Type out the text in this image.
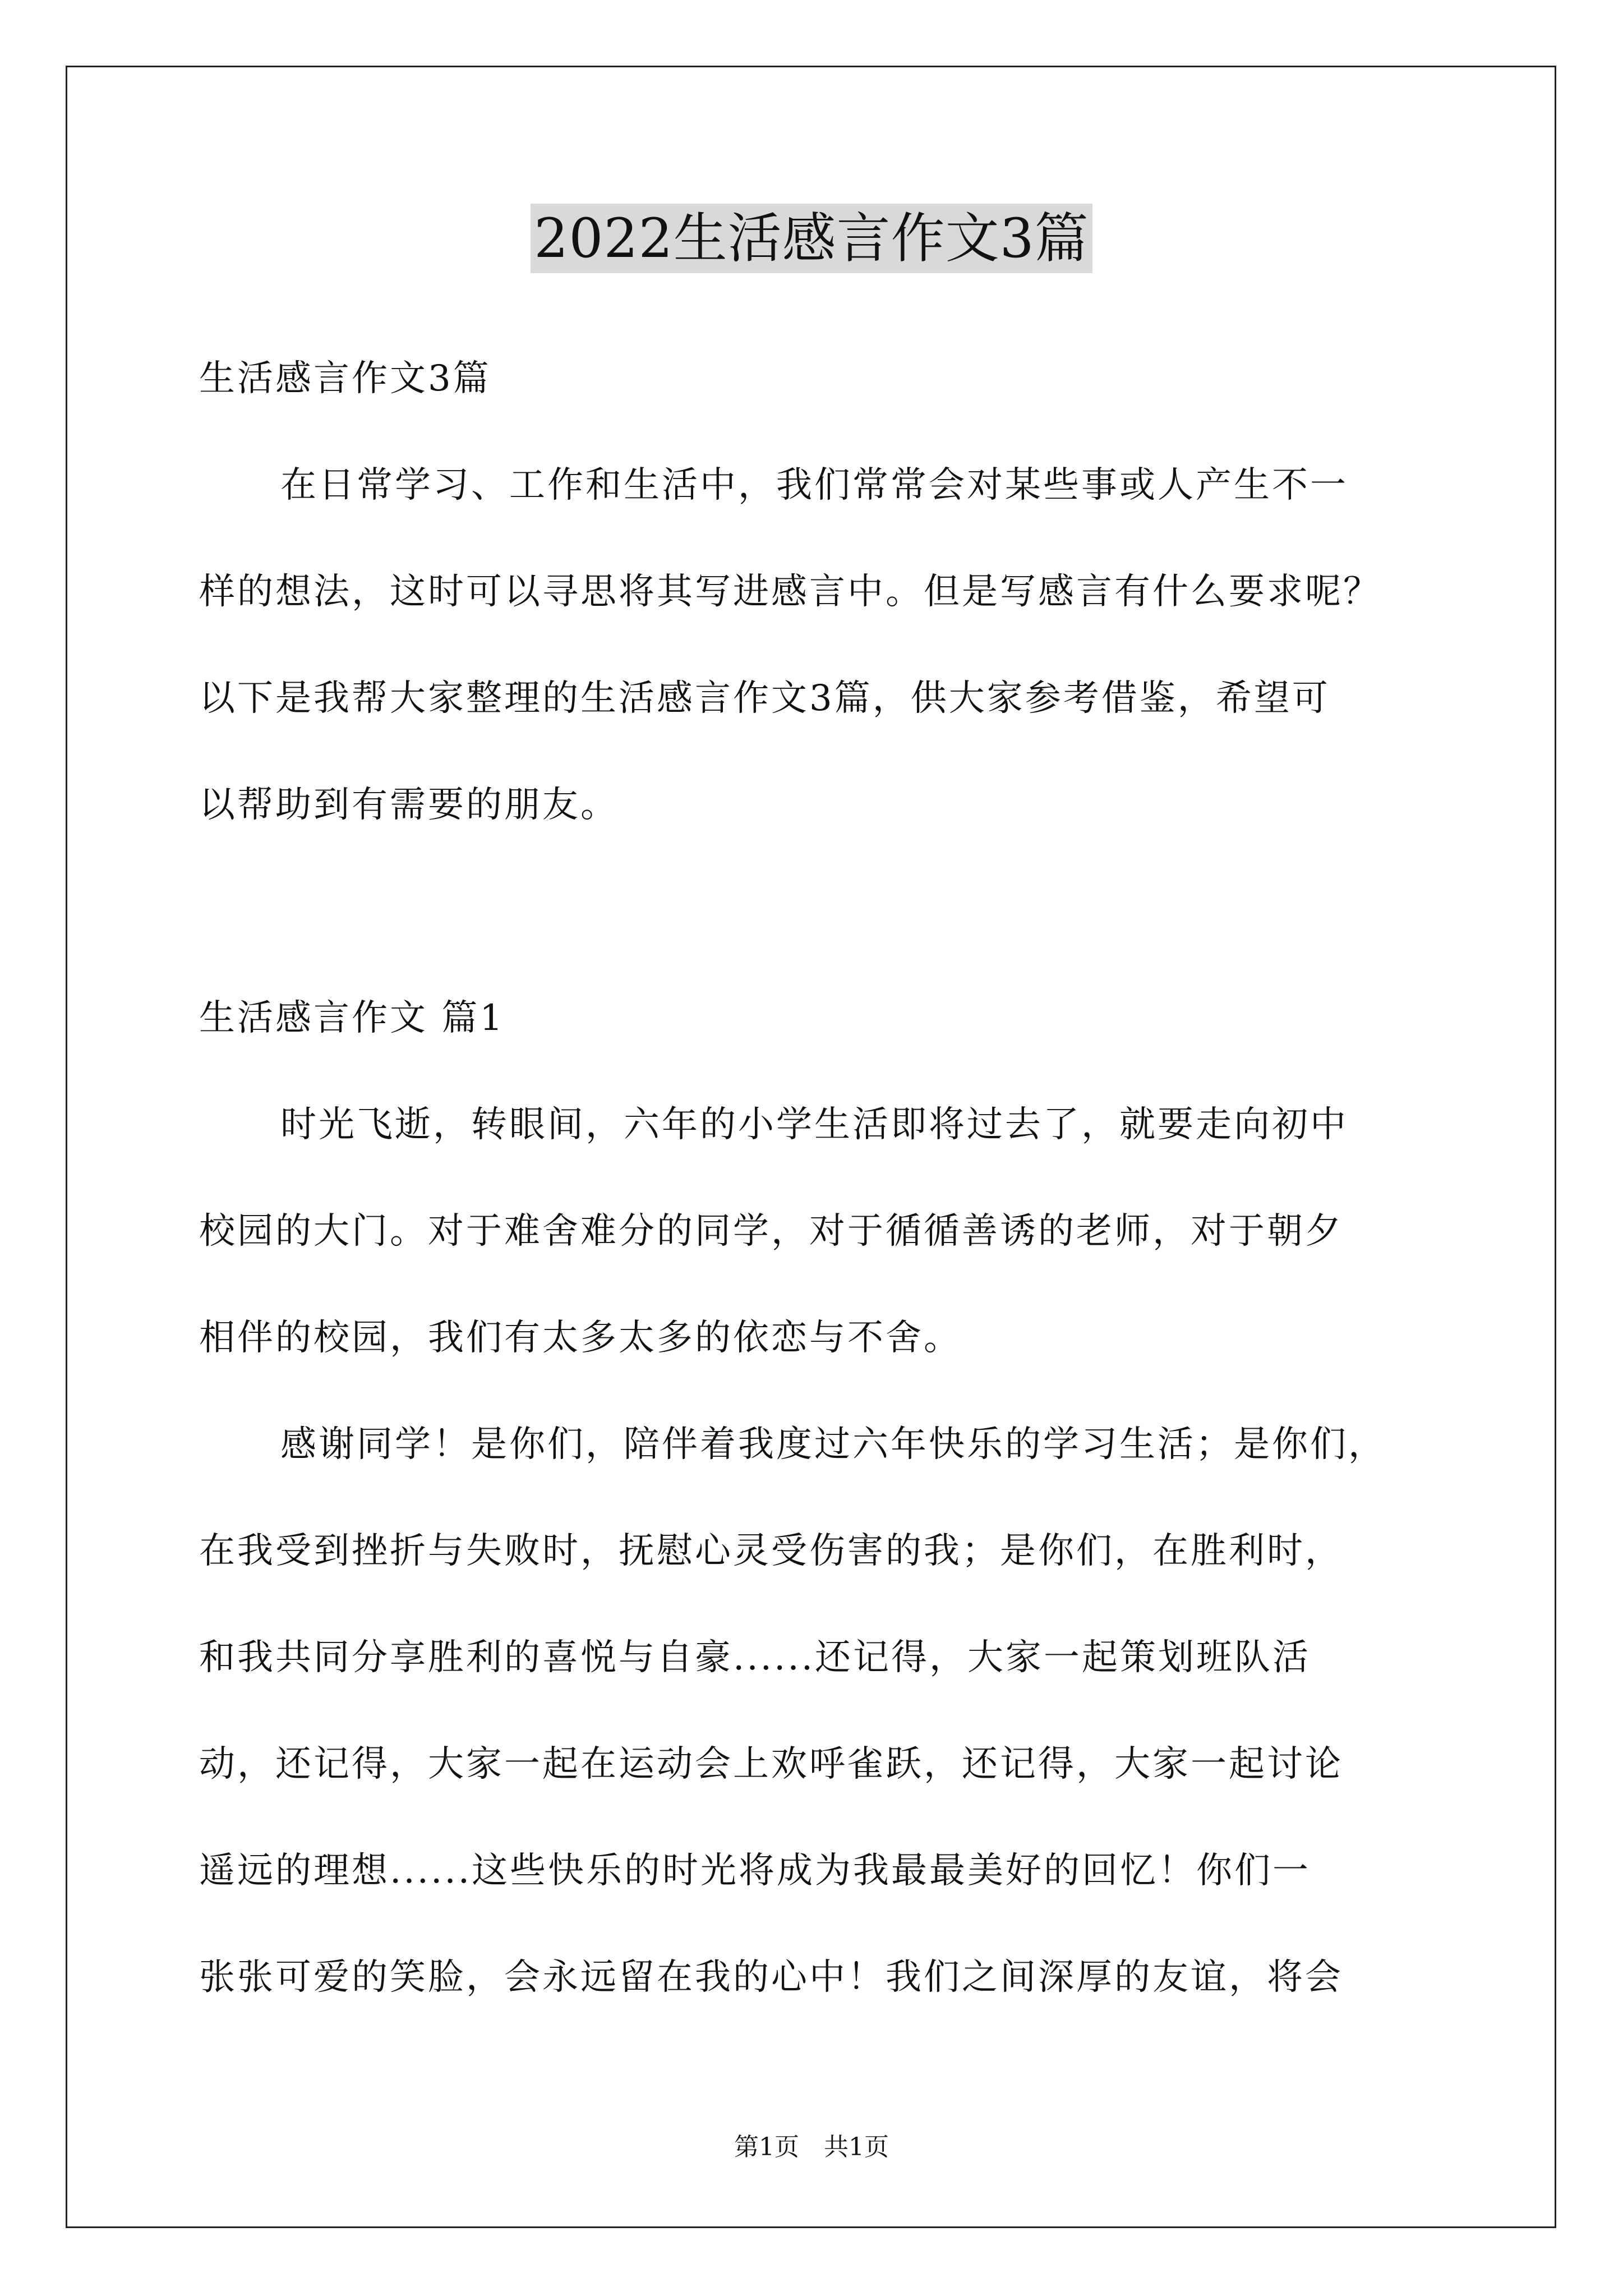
2022生活感言作文3篇
生活感言作文3篇
在日常学习、工作和生活中，我们常常会对某些事或人产生不一
样的想法，这时可以寻思将其写进感言中。但是写感言有什么要求呢？
以下是我帮大家整理的生活感言作文3篇，供大家参考借鉴，希望可
以帮助到有需要的朋友。
生活感言作文 篇1
时光飞逝，转眼间，六年的小学生活即将过去了，就要走向初中
校园的大门。对于难舍难分的同学，对于循循善诱的老师，对于朝夕
相伴的校园，我们有太多太多的依恋与不舍。
感谢同学！是你们，陪伴着我度过六年快乐的学习生活；是你们，
在我受到挫折与失败时，抚慰心灵受伤害的我；是你们，在胜利时，
和我共同分享胜利的喜悦与自豪......还记得，大家一起策划班队活
动，还记得，大家一起在运动会上欢呼雀跃，还记得，大家一起讨论
遥远的理想......这些快乐的时光将成为我最最美好的回忆！你们一
张张可爱的笑脸，会永远留在我的心中！我们之间深厚的友谊，将会
第1页　共1页
